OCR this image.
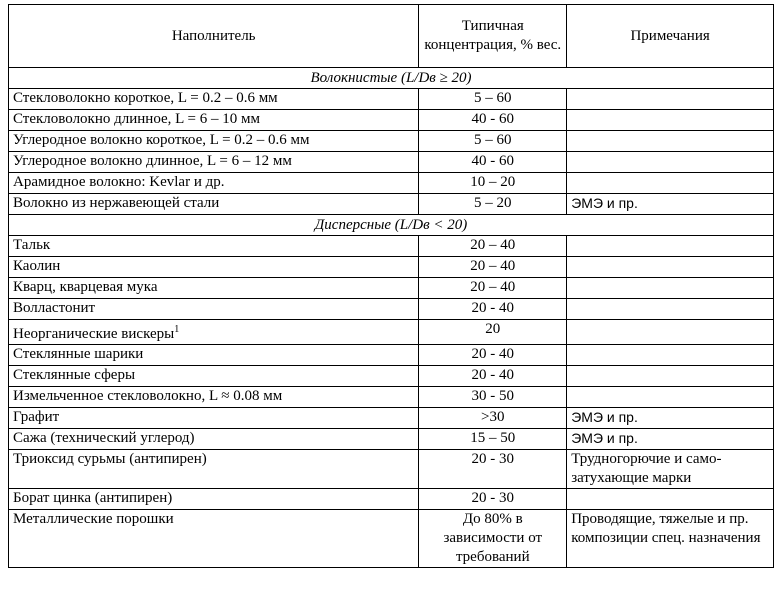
Наполнитель	Типичная концентрация, % вес.	Примечания
Волокнистые (L/Dв ≥ 20)		
Стекловолокно короткое, L = 0.2 – 0.6 мм	5 – 60	
Стекловолокно длинное, L = 6 – 10 мм	40 - 60	
Углеродное волокно короткое, L = 0.2 – 0.6 мм	5 – 60	
Углеродное волокно длинное, L = 6 – 12 мм	40 - 60	
Арамидное волокно: Kevlar и др.	10 – 20	
Волокно из нержавеющей стали	5 – 20	ЭМЭ и пр.
Дисперсные (L/Dв < 20)		
Тальк	20 – 40	
Каолин	20 – 40	
Кварц, кварцевая мука	20 – 40	
Волластонит	20 - 40	
Неорганические вискеры$^1$	20	
Стеклянные шарики	20 - 40	
Стеклянные сферы	20 - 40	
Измельченное стекловолокно, L ≈ 0.08 мм	30 - 50	
Графит	>30	ЭМЭ и пр.
Сажа (технический углерод)	15 – 50	ЭМЭ и пр.
Триоксид сурьмы (антипирен)	20 - 30	Трудногорючие и само-затухающие марки
Борат цинка (антипирен)	20 - 30	
Металлические порошки	До 80% в зависимости от требований	Проводящие, тяжелые и пр. композиции спец. назначения
